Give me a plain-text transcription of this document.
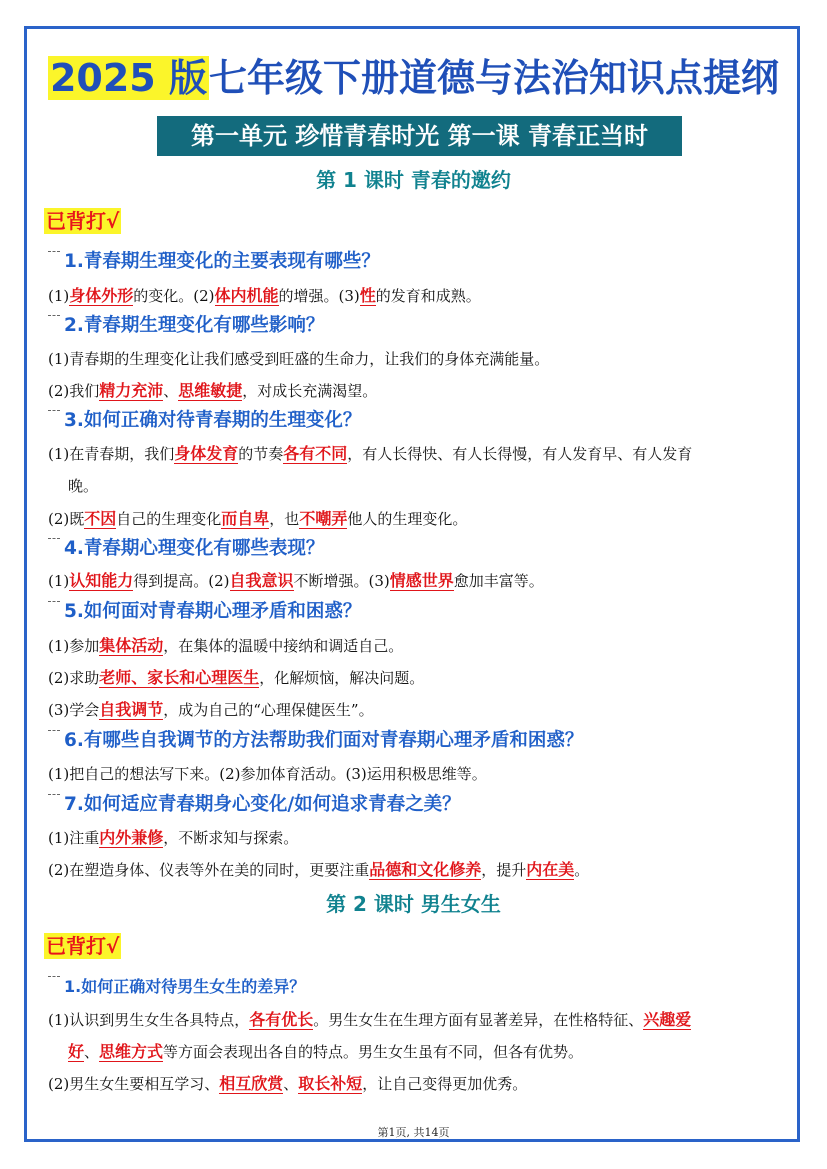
2025 版七年级下册道德与法治知识点提纲
第一单元 珍惜青春时光 第一课 青春正当时
第 1 课时 青春的邀约
已背打√
1.青春期生理变化的主要表现有哪些？
(1)身体外形的变化。(2)体内机能的增强。(3)性的发育和成熟。
2.青春期生理变化有哪些影响？
(1)青春期的生理变化让我们感受到旺盛的生命力，让我们的身体充满能量。
(2)我们精力充沛、思维敏捷，对成长充满渴望。
3.如何正确对待青春期的生理变化？
(1)在青春期，我们身体发育的节奏各有不同，有人长得快、有人长得慢，有人发育早、有人发育
晚。
(2)既不因自己的生理变化而自卑，也不嘲弄他人的生理变化。
4.青春期心理变化有哪些表现？
(1)认知能力得到提高。(2)自我意识不断增强。(3)情感世界愈加丰富等。
5.如何面对青春期心理矛盾和困惑？
(1)参加集体活动，在集体的温暖中接纳和调适自己。
(2)求助老师、家长和心理医生，化解烦恼，解决问题。
(3)学会自我调节，成为自己的“心理保健医生”。
6.有哪些自我调节的方法帮助我们面对青春期心理矛盾和困惑？
(1)把自己的想法写下来。(2)参加体育活动。(3)运用积极思维等。
7.如何适应青春期身心变化/如何追求青春之美？
(1)注重内外兼修，不断求知与探索。
(2)在塑造身体、仪表等外在美的同时，更要注重品德和文化修养，提升内在美。
第 2 课时 男生女生
已背打√
1.如何正确对待男生女生的差异？
(1)认识到男生女生各具特点，各有优长。男生女生在生理方面有显著差异，在性格特征、兴趣爱
好、思维方式等方面会表现出各自的特点。男生女生虽有不同，但各有优势。
(2)男生女生要相互学习、相互欣赏、取长补短，让自己变得更加优秀。
第1页, 共14页
